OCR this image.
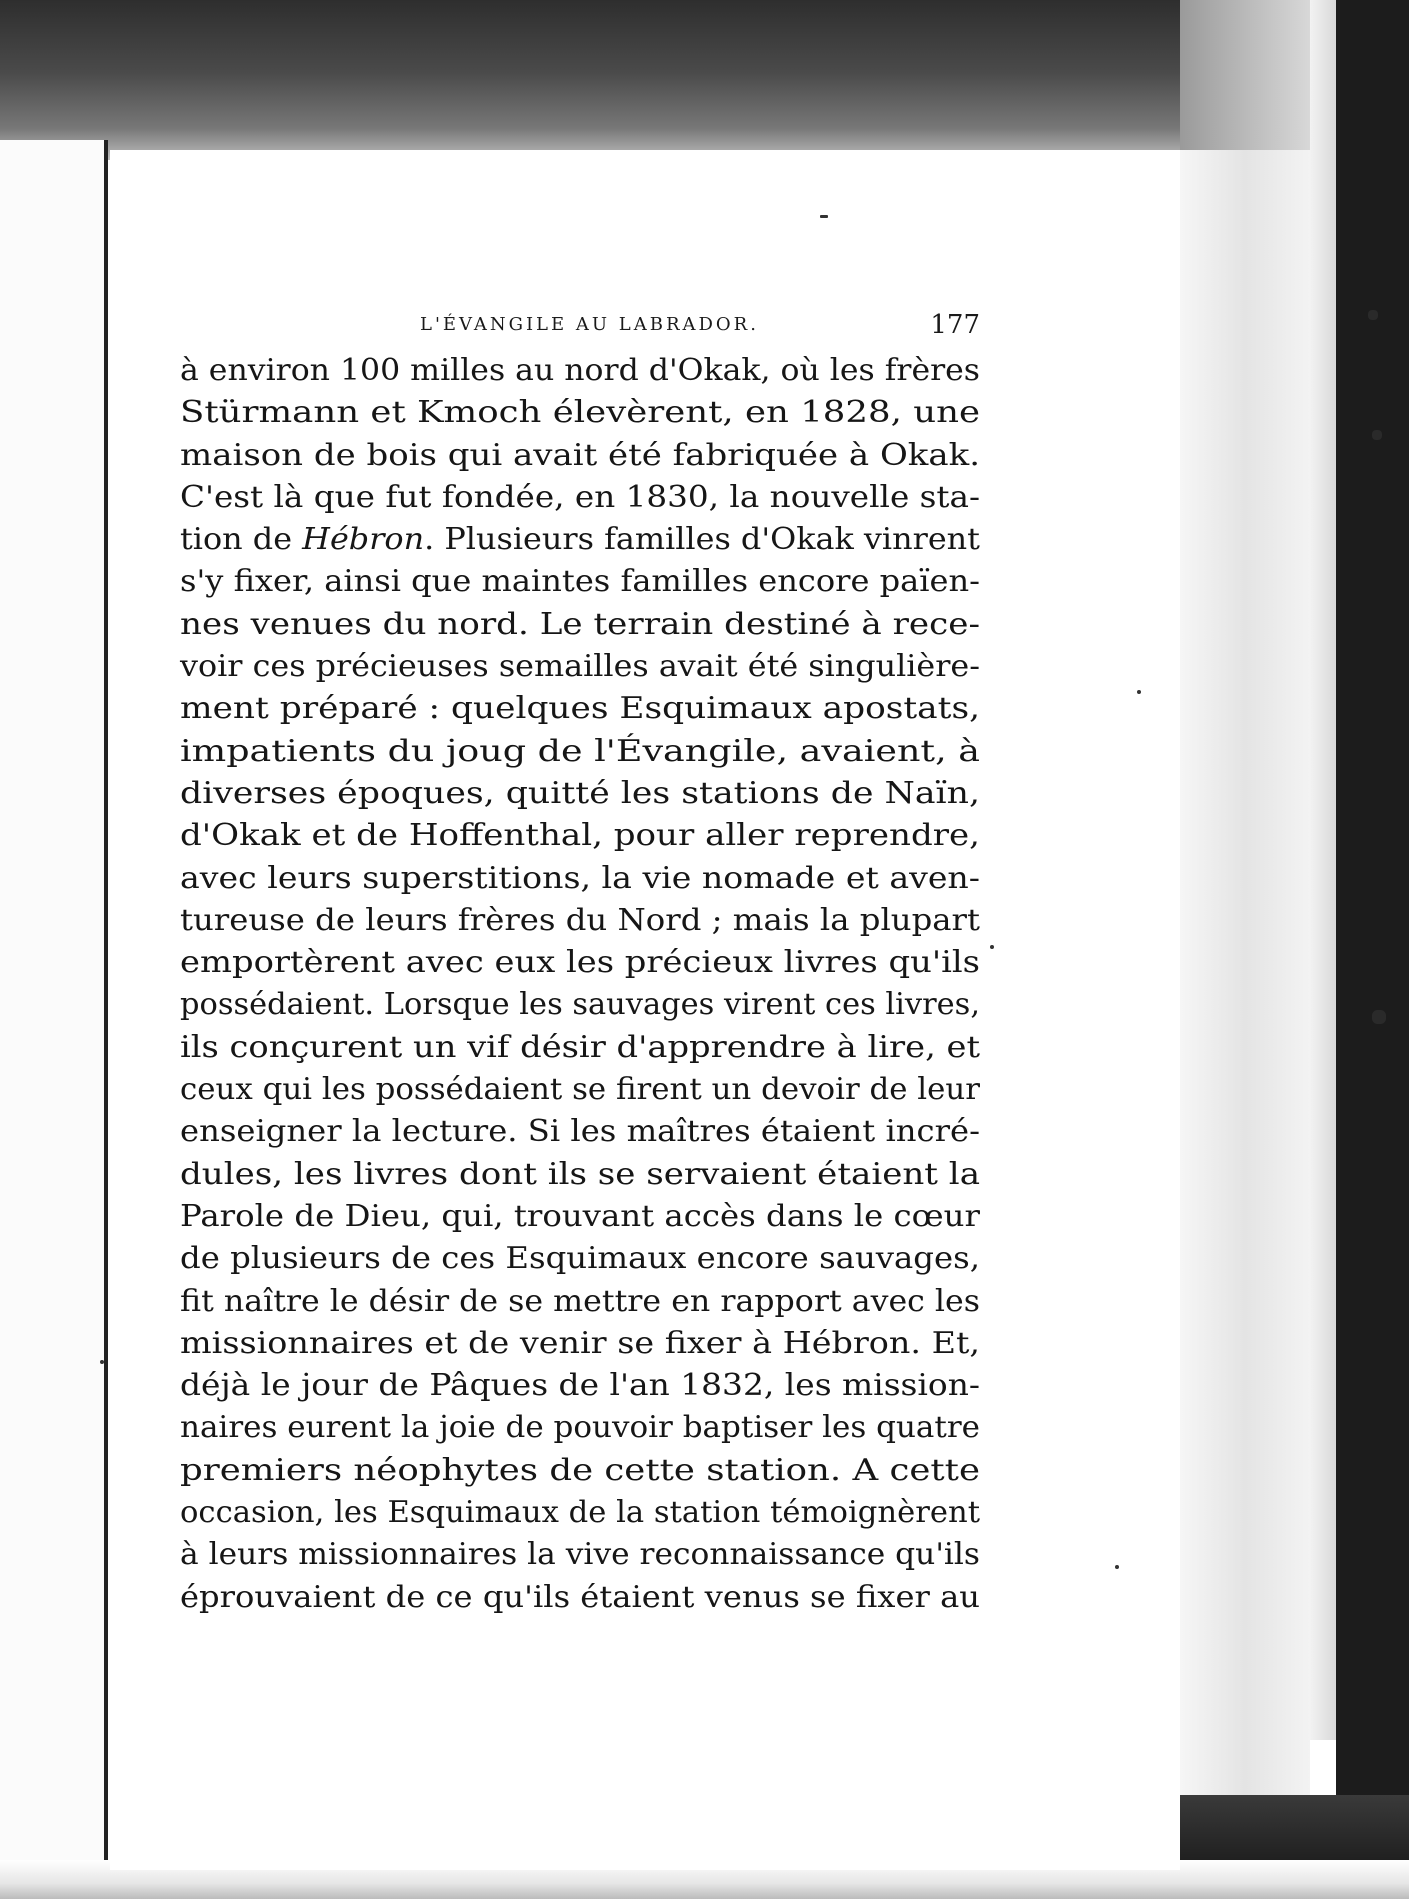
L'ÉVANGILE AU LABRADOR.	177
à environ 100 milles au nord d'Okak, où les frères
Stürmann et Kmoch élevèrent, en 1828, une
maison de bois qui avait été fabriquée à Okak.
C'est là que fut fondée, en 1830, la nouvelle sta-
tion de Hébron. Plusieurs familles d'Okak vinrent
s'y fixer, ainsi que maintes familles encore païen-
nes venues du nord. Le terrain destiné à rece-
voir ces précieuses semailles avait été singulière-
ment préparé : quelques Esquimaux apostats,
impatients du joug de l'Évangile, avaient, à
diverses époques, quitté les stations de Naïn,
d'Okak et de Hoffenthal, pour aller reprendre,
avec leurs superstitions, la vie nomade et aven-
tureuse de leurs frères du Nord ; mais la plupart
emportèrent avec eux les précieux livres qu'ils
possédaient. Lorsque les sauvages virent ces livres,
ils conçurent un vif désir d'apprendre à lire, et
ceux qui les possédaient se firent un devoir de leur
enseigner la lecture. Si les maîtres étaient incré-
dules, les livres dont ils se servaient étaient la
Parole de Dieu, qui, trouvant accès dans le cœur
de plusieurs de ces Esquimaux encore sauvages,
fit naître le désir de se mettre en rapport avec les
missionnaires et de venir se fixer à Hébron. Et,
déjà le jour de Pâques de l'an 1832, les mission-
naires eurent la joie de pouvoir baptiser les quatre
premiers néophytes de cette station. A cette
occasion, les Esquimaux de la station témoignèrent
à leurs missionnaires la vive reconnaissance qu'ils
éprouvaient de ce qu'ils étaient venus se fixer au
